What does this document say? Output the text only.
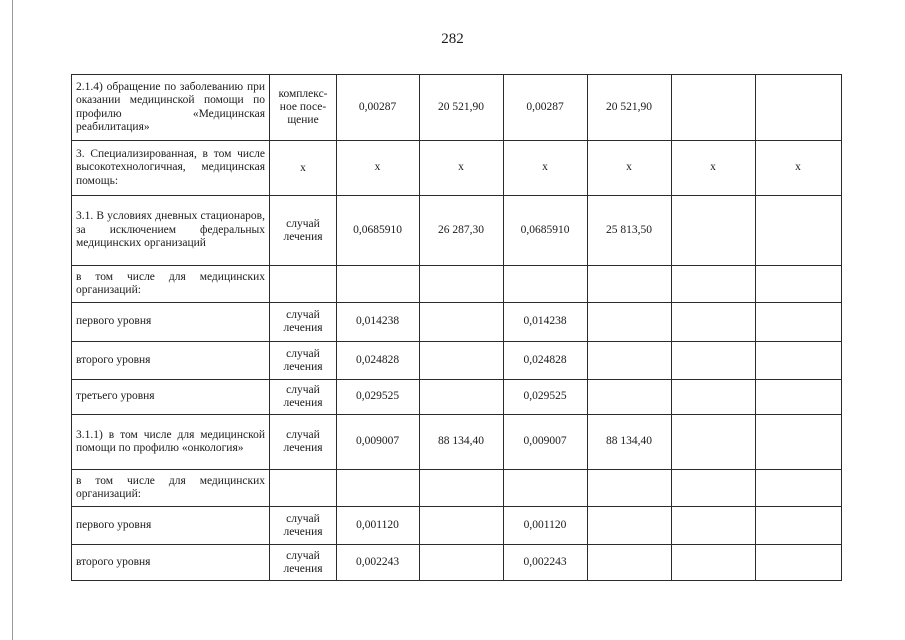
282
2.1.4) обращение по заболеванию при оказании медицинской помощи по профилю «Медицинская реабилитация»	комплекс-ное посе-щение	0,00287	20 521,90	0,00287	20 521,90		
3. Специализированная, в том числе высокотехнологичная, медицинская помощь:	х	х	х	х	х	х	х
3.1. В условиях дневных стационаров, за исключением федеральных медицинских организаций	случай лечения	0,0685910	26 287,30	0,0685910	25 813,50		
в том числе для медицинских организаций:							
первого уровня	случай лечения	0,014238		0,014238			
второго уровня	случай лечения	0,024828		0,024828			
третьего уровня	случай лечения	0,029525		0,029525			
3.1.1) в том числе для медицинской помощи по профилю «онкология»	случай лечения	0,009007	88 134,40	0,009007	88 134,40		
в том числе для медицинских организаций:							
первого уровня	случай лечения	0,001120		0,001120			
второго уровня	случай лечения	0,002243		0,002243			
